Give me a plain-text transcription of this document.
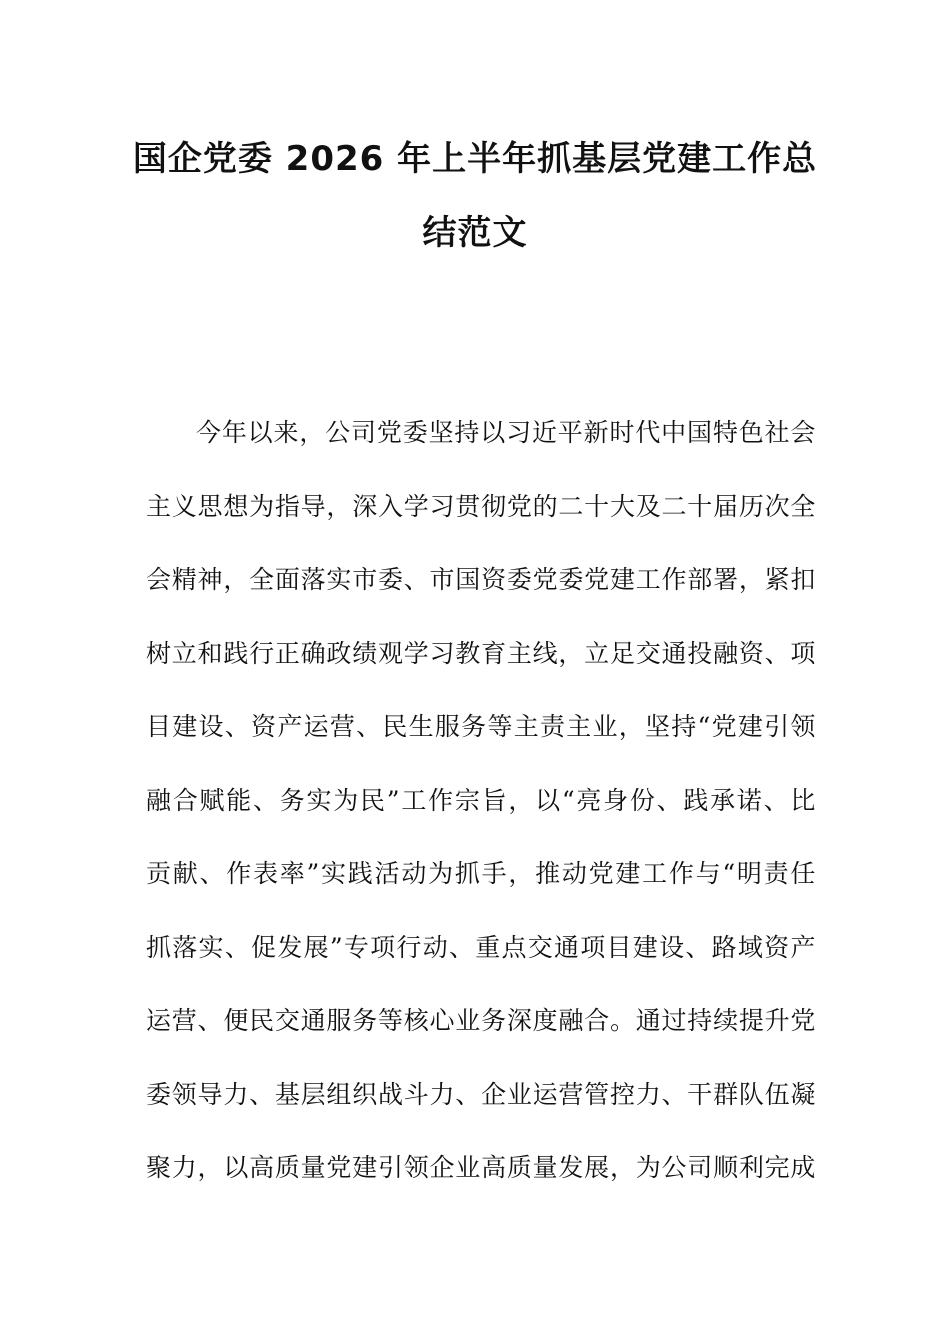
国企党委 2026 年上半年抓基层党建工作总
结范文
今年以来，公司党委坚持以习近平新时代中国特色社会
主义思想为指导，深入学习贯彻党的二十大及二十届历次全
会精神，全面落实市委、市国资委党委党建工作部署，紧扣
树立和践行正确政绩观学习教育主线，立足交通投融资、项
目建设、资产运营、民生服务等主责主业，坚持“党建引领
融合赋能、务实为民”工作宗旨，以“亮身份、践承诺、比
贡献、作表率”实践活动为抓手，推动党建工作与“明责任
抓落实、促发展”专项行动、重点交通项目建设、路域资产
运营、便民交通服务等核心业务深度融合。通过持续提升党
委领导力、基层组织战斗力、企业运营管控力、干群队伍凝
聚力，以高质量党建引领企业高质量发展，为公司顺利完成
